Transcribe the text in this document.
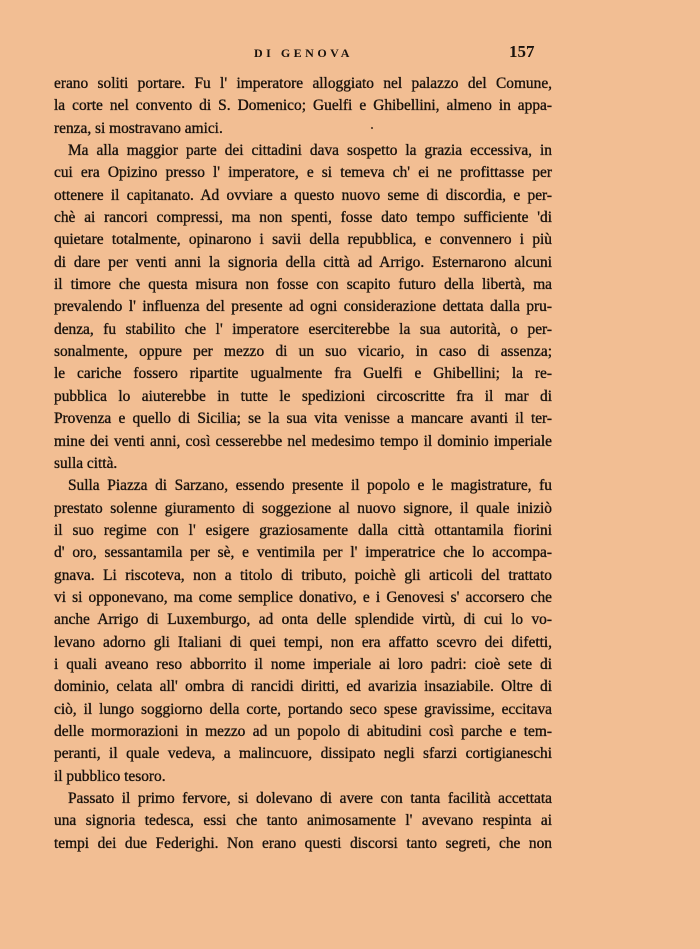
DI GENOVA	157
erano soliti portare. Fu l' imperatore alloggiato nel palazzo del Comune,
la corte nel convento di S. Domenico; Guelfi e Ghibellini, almeno in appa-
renza, si mostravano amici.
Ma alla maggior parte dei cittadini dava sospetto la grazia eccessiva, in
cui era Opizino presso l' imperatore, e si temeva ch' ei ne profittasse per
ottenere il capitanato. Ad ovviare a questo nuovo seme di discordia, e per-
chè ai rancori compressi, ma non spenti, fosse dato tempo sufficiente 'di
quietare totalmente, opinarono i savii della repubblica, e convennero i più
di dare per venti anni la signoria della città ad Arrigo. Esternarono alcuni
il timore che questa misura non fosse con scapito futuro della libertà, ma
prevalendo l' influenza del presente ad ogni considerazione dettata dalla pru-
denza, fu stabilito che l' imperatore eserciterebbe la sua autorità, o per-
sonalmente, oppure per mezzo di un suo vicario, in caso di assenza;
le cariche fossero ripartite ugualmente fra Guelfi e Ghibellini; la re-
pubblica lo aiuterebbe in tutte le spedizioni circoscritte fra il mar di
Provenza e quello di Sicilia; se la sua vita venisse a mancare avanti il ter-
mine dei venti anni, così cesserebbe nel medesimo tempo il dominio imperiale
sulla città.
Sulla Piazza di Sarzano, essendo presente il popolo e le magistrature, fu
prestato solenne giuramento di soggezione al nuovo signore, il quale iniziò
il suo regime con l' esigere graziosamente dalla città ottantamila fiorini
d' oro, sessantamila per sè, e ventimila per l' imperatrice che lo accompa-
gnava. Li riscoteva, non a titolo di tributo, poichè gli articoli del trattato
vi si opponevano, ma come semplice donativo, e i Genovesi s' accorsero che
anche Arrigo di Luxemburgo, ad onta delle splendide virtù, di cui lo vo-
levano adorno gli Italiani di quei tempi, non era affatto scevro dei difetti,
i quali aveano reso abborrito il nome imperiale ai loro padri: cioè sete di
dominio, celata all' ombra di rancidi diritti, ed avarizia insaziabile. Oltre di
ciò, il lungo soggiorno della corte, portando seco spese gravissime, eccitava
delle mormorazioni in mezzo ad un popolo di abitudini così parche e tem-
peranti, il quale vedeva, a malincuore, dissipato negli sfarzi cortigianeschi
il pubblico tesoro.
Passato il primo fervore, si dolevano di avere con tanta facilità accettata
una signoria tedesca, essi che tanto animosamente l' avevano respinta ai
tempi dei due Federighi. Non erano questi discorsi tanto segreti, che non
